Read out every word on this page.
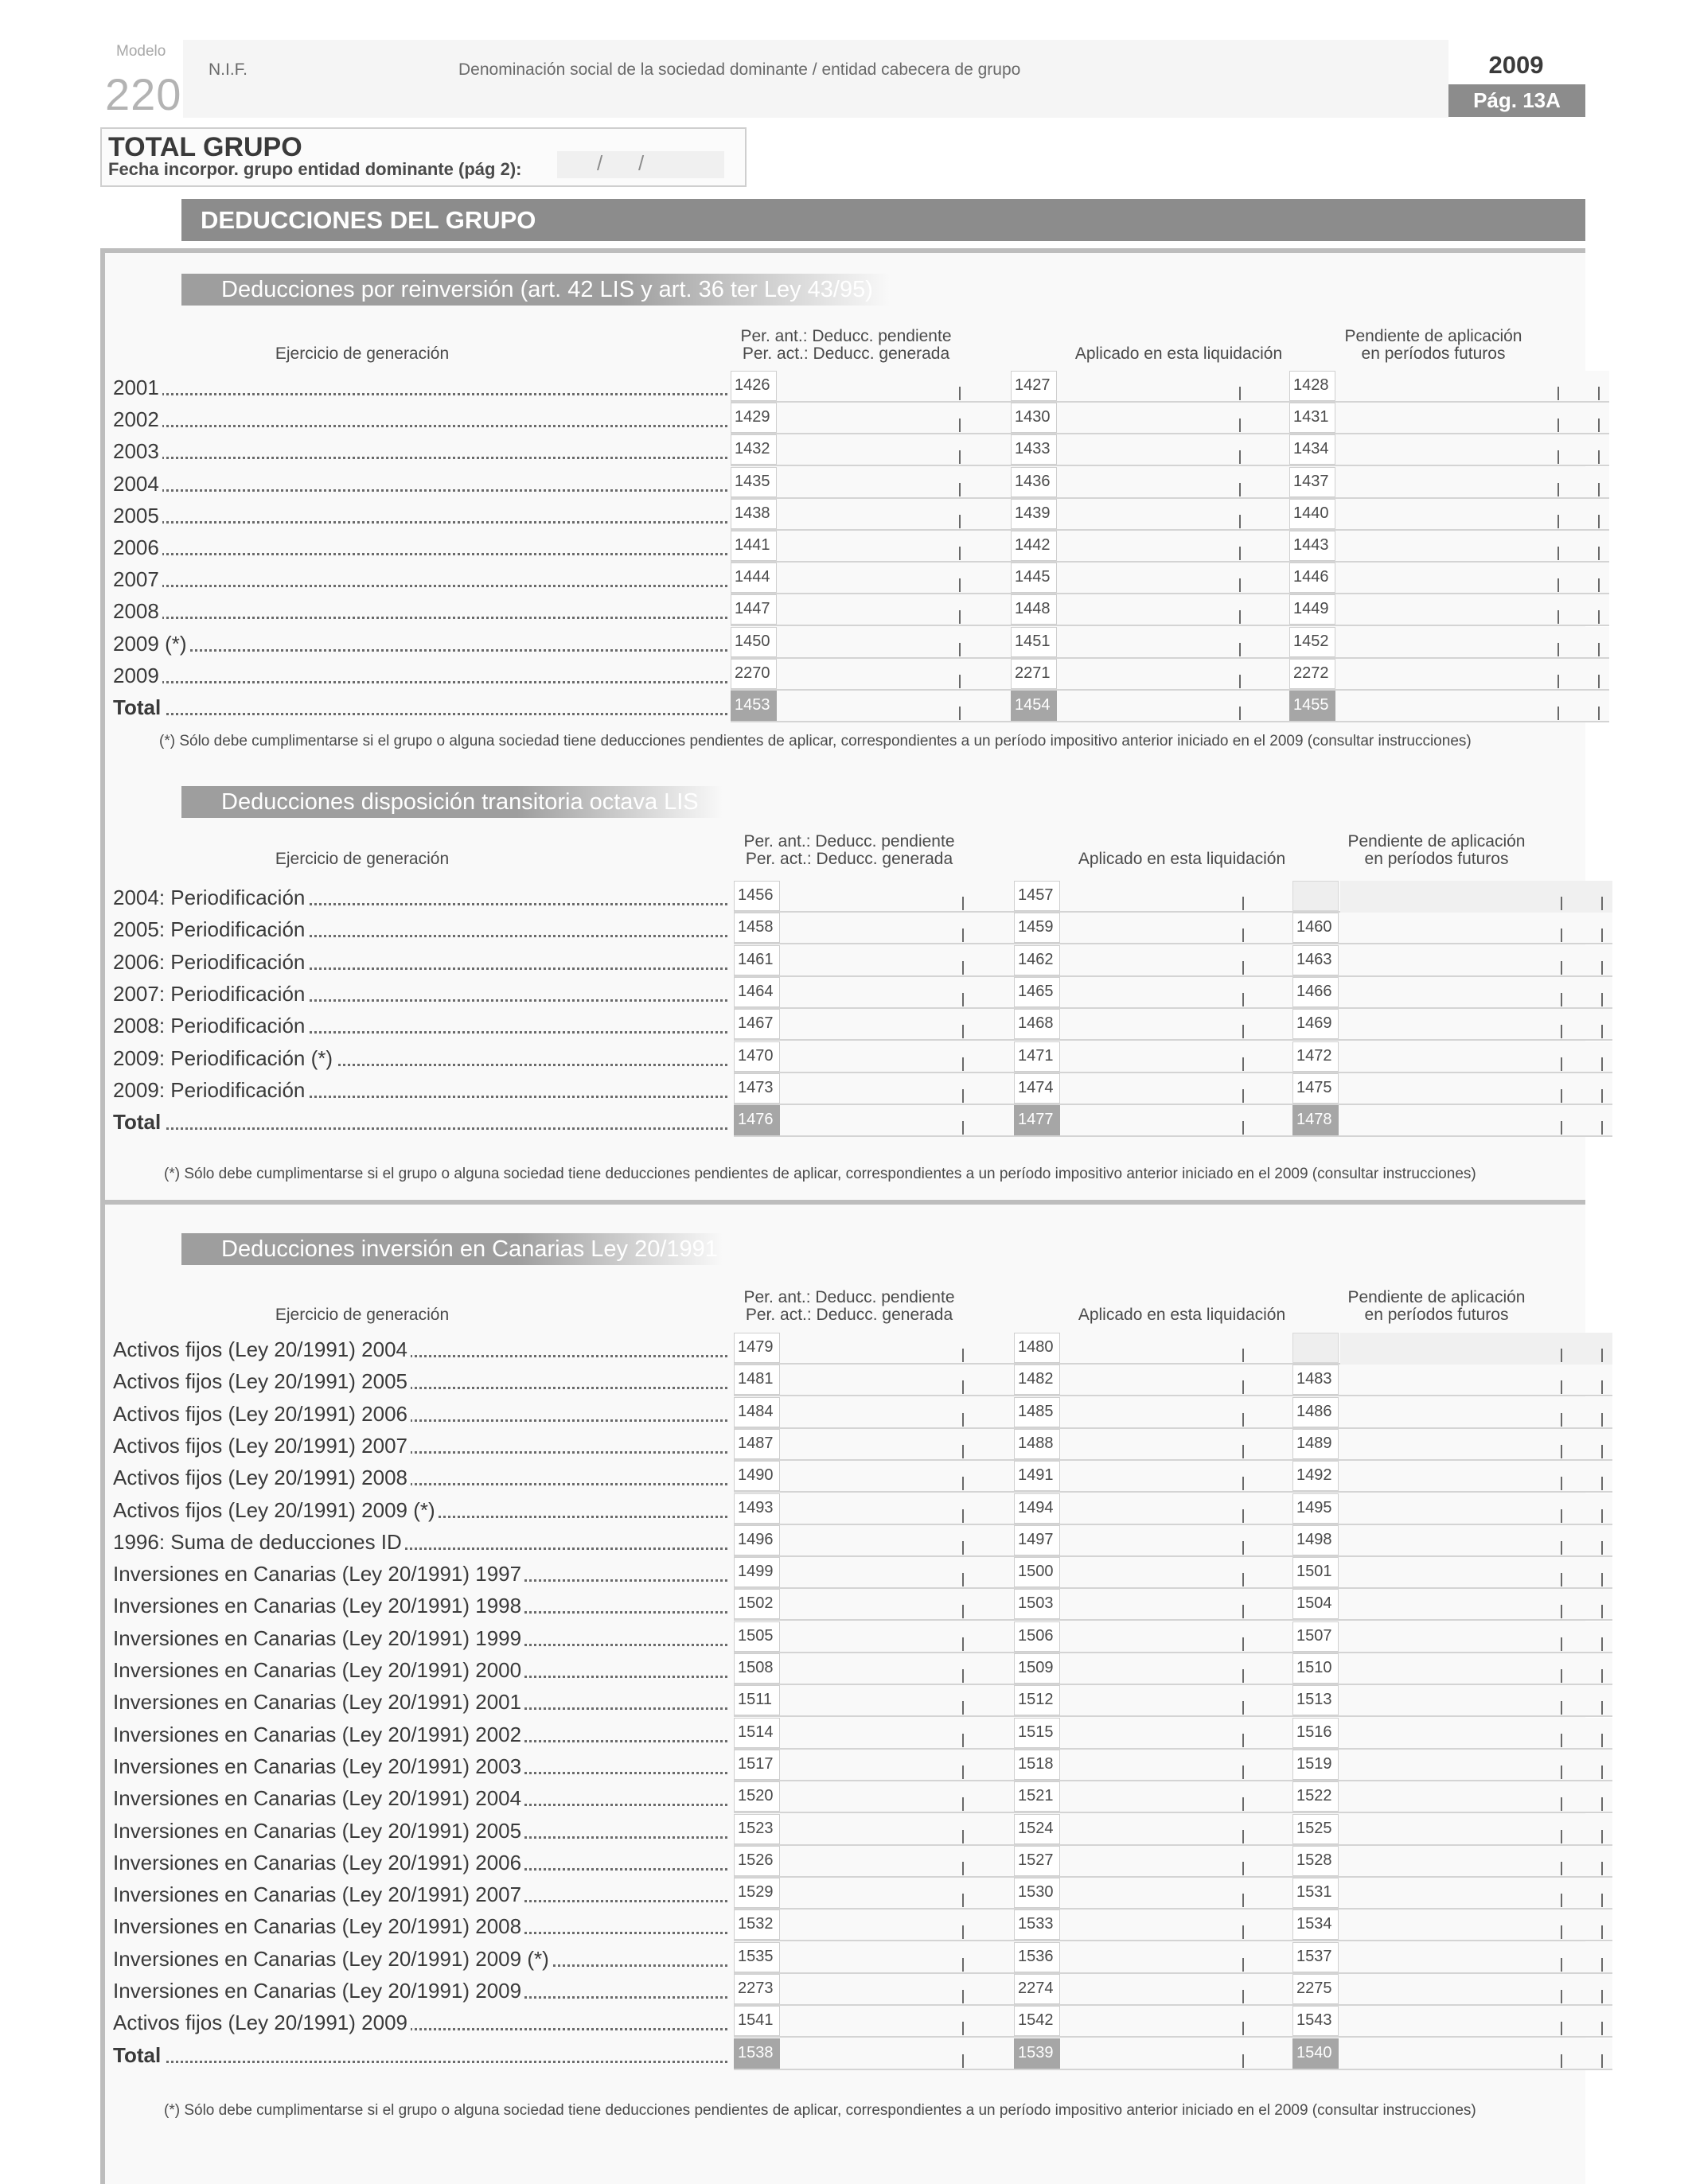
Modelo
220 N.I.F.	Denominación social de la sociedad dominante / entidad cabecera de grupo	2009
Pág. 13A
TOTAL GRUPO
Fecha incorpor. grupo entidad dominante (pág 2):	/ /
DEDUCCIONES DEL GRUPO
Deducciones por reinversión (art. 42 LIS y art. 36 ter Ley 43/95)
Ejercicio de generación
Per. ant.: Deducc. pendiente
Per. act.: Deducc. generada	Aplicado en esta liquidación
Pendiente de aplicación
en períodos futuros
2001	1426	1427	1428
2002	1429	1430	1431
2003	1432	1433	1434
2004	1435	1436	1437
2005	1438	1439	1440
2006	1441	1442	1443
2007	1444	1445	1446
2008	1447	1448	1449
2009 (*)	1450	1451	1452
2009	2270	2271	2272
Total	1453	1454	1455
(*) Sólo debe cumplimentarse si el grupo o alguna sociedad tiene deducciones pendientes de aplicar, correspondientes a un período impositivo anterior iniciado en el 2009 (consultar instrucciones)
Deducciones disposición transitoria octava LIS
Ejercicio de generación
Per. ant.: Deducc. pendiente
Per. act.: Deducc. generada	Aplicado en esta liquidación
Pendiente de aplicación
en períodos futuros
2004: Periodificación	1456	1457
2005: Periodificación	1458	1459	1460
2006: Periodificación	1461	1462	1463
2007: Periodificación	1464	1465	1466
2008: Periodificación	1467	1468	1469
2009: Periodificación (*)	1470	1471	1472
2009: Periodificación	1473	1474	1475
Total	1476	1477	1478
(*) Sólo debe cumplimentarse si el grupo o alguna sociedad tiene deducciones pendientes de aplicar, correspondientes a un período impositivo anterior iniciado en el 2009 (consultar instrucciones)
Deducciones inversión en Canarias Ley 20/1991
Ejercicio de generación
Per. ant.: Deducc. pendiente
Per. act.: Deducc. generada	Aplicado en esta liquidación
Pendiente de aplicación
en períodos futuros
Activos fijos (Ley 20/1991) 2004	1479	1480
Activos fijos (Ley 20/1991) 2005	1481	1482	1483
Activos fijos (Ley 20/1991) 2006	1484	1485	1486
Activos fijos (Ley 20/1991) 2007	1487	1488	1489
Activos fijos (Ley 20/1991) 2008	1490	1491	1492
Activos fijos (Ley 20/1991) 2009 (*)	1493	1494	1495
1996: Suma de deducciones ID	1496	1497	1498
Inversiones en Canarias (Ley 20/1991) 1997	1499	1500	1501
Inversiones en Canarias (Ley 20/1991) 1998	1502	1503	1504
Inversiones en Canarias (Ley 20/1991) 1999	1505	1506	1507
Inversiones en Canarias (Ley 20/1991) 2000	1508	1509	1510
Inversiones en Canarias (Ley 20/1991) 2001	1511	1512	1513
Inversiones en Canarias (Ley 20/1991) 2002	1514	1515	1516
Inversiones en Canarias (Ley 20/1991) 2003	1517	1518	1519
Inversiones en Canarias (Ley 20/1991) 2004	1520	1521	1522
Inversiones en Canarias (Ley 20/1991) 2005	1523	1524	1525
Inversiones en Canarias (Ley 20/1991) 2006	1526	1527	1528
Inversiones en Canarias (Ley 20/1991) 2007	1529	1530	1531
Inversiones en Canarias (Ley 20/1991) 2008	1532	1533	1534
Inversiones en Canarias (Ley 20/1991) 2009 (*)	1535	1536	1537
Inversiones en Canarias (Ley 20/1991) 2009	2273	2274	2275
Activos fijos (Ley 20/1991) 2009	1541	1542	1543
Total	1538	1539	1540
(*) Sólo debe cumplimentarse si el grupo o alguna sociedad tiene deducciones pendientes de aplicar, correspondientes a un período impositivo anterior iniciado en el 2009 (consultar instrucciones)
